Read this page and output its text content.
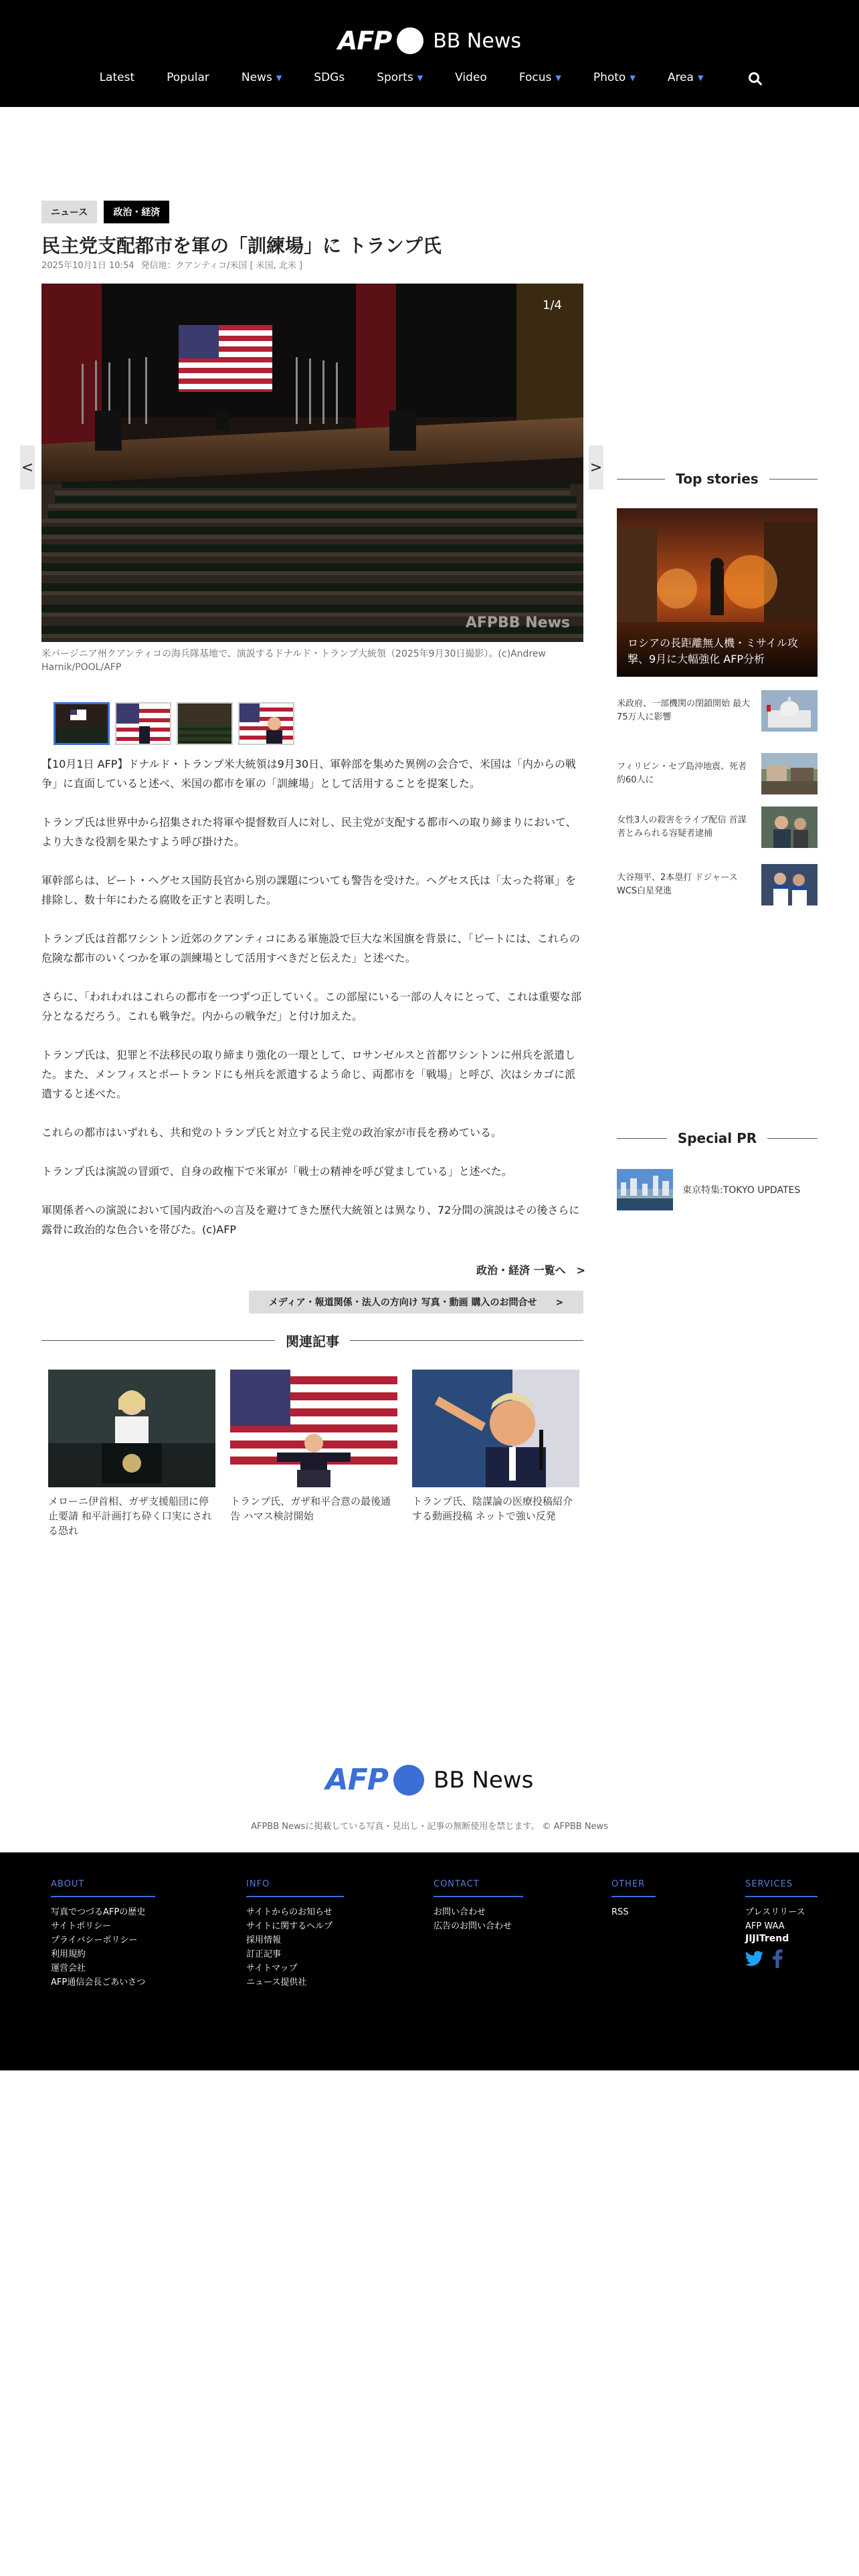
AFP BB News
Latest	Popular	News ▼	SDGs	Sports ▼	Video	Focus ▼	Photo ▼	Area ▼
ニュース	政治・経済
民主党支配都市を軍の「訓練場」に トランプ氏
2025年10月1日 10:54 発信地：クアンティコ/米国 [ 米国, 北米 ]
1/4
AFPBB News
<	>

米バージニア州クアンティコの海兵隊基地で、演説するドナルド・トランプ大統領（2025年9月30日撮影）。(c)Andrew Harnik/POOL/AFP

【10月1日 AFP】ドナルド・トランプ米大統領は9月30日、軍幹部を集めた異例の会合で、米国は「内からの戦争」に直面していると述べ、米国の都市を軍の「訓練場」として活用することを提案した。

トランプ氏は世界中から招集された将軍や提督数百人に対し、民主党が支配する都市への取り締まりにおいて、より大きな役割を果たすよう呼び掛けた。

軍幹部らは、ピート・ヘグセス国防長官から別の課題についても警告を受けた。ヘグセス氏は「太った将軍」を排除し、数十年にわたる腐敗を正すと表明した。

トランプ氏は首都ワシントン近郊のクアンティコにある軍施設で巨大な米国旗を背景に、「ピートには、これらの危険な都市のいくつかを軍の訓練場として活用すべきだと伝えた」と述べた。

さらに、「われわれはこれらの都市を一つずつ正していく。この部屋にいる一部の人々にとって、これは重要な部分となるだろう。これも戦争だ。内からの戦争だ」と付け加えた。

トランプ氏は、犯罪と不法移民の取り締まり強化の一環として、ロサンゼルスと首都ワシントンに州兵を派遣した。また、メンフィスとポートランドにも州兵を派遣するよう命じ、両都市を「戦場」と呼び、次はシカゴに派遣すると述べた。

これらの都市はいずれも、共和党のトランプ氏と対立する民主党の政治家が市長を務めている。

トランプ氏は演説の冒頭で、自身の政権下で米軍が「戦士の精神を呼び覚ましている」と述べた。

軍関係者への演説において国内政治への言及を避けてきた歴代大統領とは異なり、72分間の演説はその後さらに露骨に政治的な色合いを帯びた。(c)AFP

政治・経済 一覧へ　>
メディア・報道関係・法人の方向け 写真・動画 購入のお問合せ　　>
関連記事

メローニ伊首相、ガザ支援船団に停止要請 和平計画打ち砕く口実にされる恐れ

トランプ氏、ガザ和平合意の最後通告 ハマス検討開始

トランプ氏、陰謀論の医療投稿紹介する動画投稿 ネットで強い反発

Top stories

ロシアの長距離無人機・ミサイル攻撃、9月に大幅強化 AFP分析

米政府、一部機関の閉鎖開始 最大75万人に影響

フィリピン・セブ島沖地震、死者約60人に

女性3人の殺害をライブ配信 首謀者とみられる容疑者逮捕

大谷翔平、2本塁打 ドジャースWCS白星発進

Special PR
東京特集:TOKYO UPDATES
AFP BB News

AFPBB Newsに掲載している写真・見出し・記事の無断使用を禁じます。 © AFPBB News

ABOUT
写真でつづるAFPの歴史
サイトポリシー
プライバシーポリシー
利用規約
運営会社
AFP通信会長ごあいさつ
INFO
サイトからのお知らせ
サイトに関するヘルプ
採用情報
訂正記事
サイトマップ
ニュース提供社
CONTACT
お問い合わせ
広告のお問い合わせ
OTHER
RSS
SERVICES
プレスリリース
AFP WAA
JIJITrend
